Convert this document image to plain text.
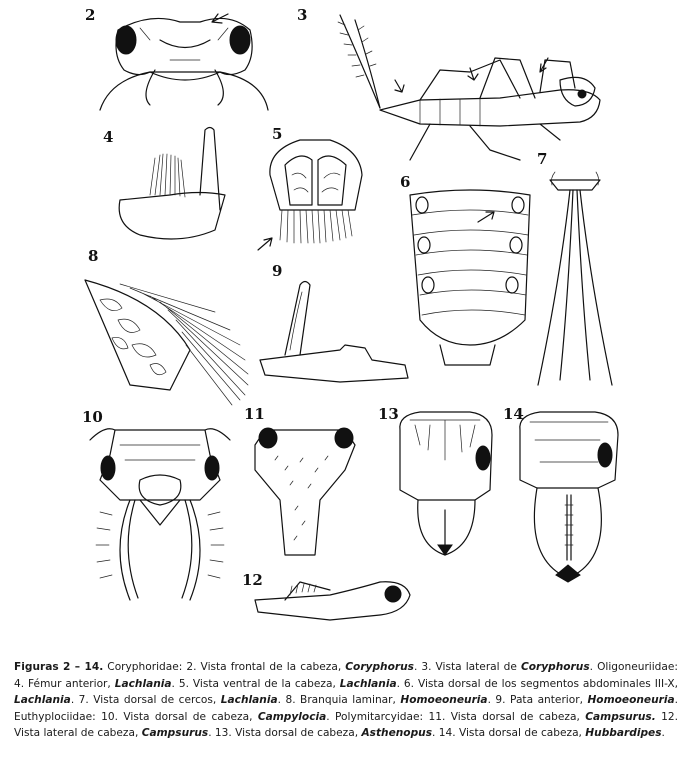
2	3
4	5
6
7
8
9
10	11
12
13	14
Figuras 2 – 14. Coryphoridae: 2. Vista frontal de la cabeza, Coryphorus. 3. Vista lateral de Coryphorus. Oligoneuriidae: 4. Fémur anterior, Lachlania. 5. Vista ventral de la cabeza, Lachlania. 6. Vista dorsal de los segmentos abdominales III-X, Lachlania. 7. Vista dorsal de cercos, Lachlania. 8. Branquia laminar, Homoeoneuria. 9. Pata anterior, Homoeoneuria. Euthyplociidae: 10. Vista dorsal de cabeza, Campylocia. Polymitarcyidae: 11. Vista dorsal de cabeza, Campsurus. 12. Vista lateral de cabeza, Campsurus. 13. Vista dorsal de cabeza, Asthenopus. 14. Vista dorsal de cabeza, Hubbardipes.
